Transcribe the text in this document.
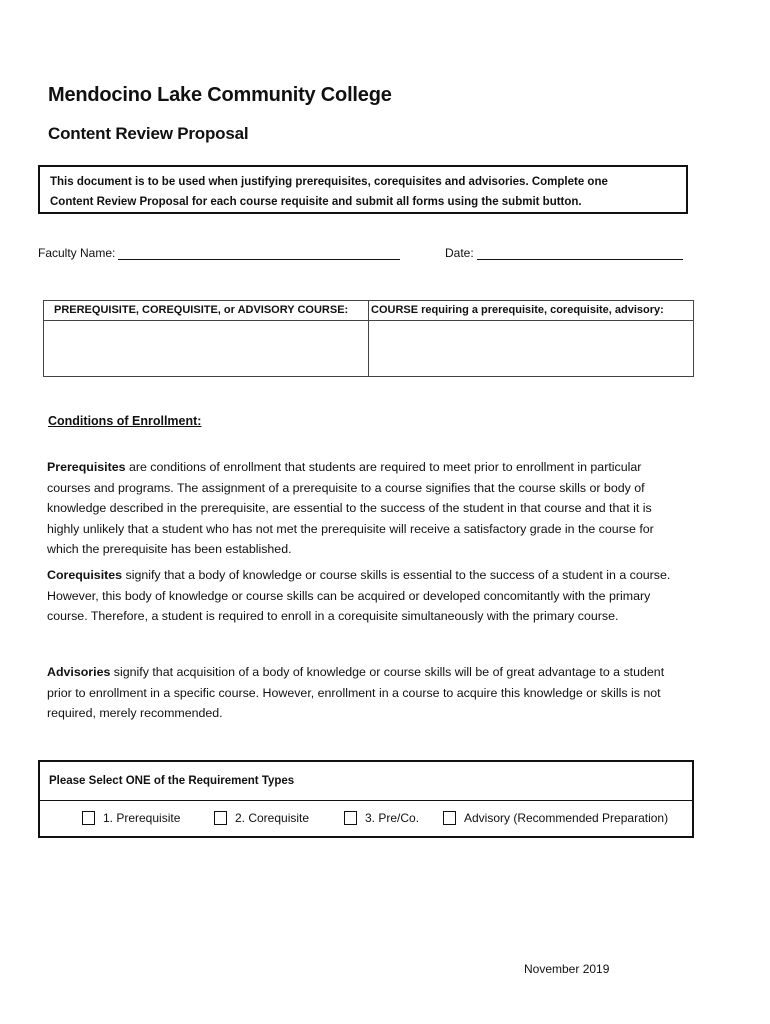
Mendocino Lake Community College
Content Review Proposal
This document is to be used when justifying prerequisites, corequisites and advisories. Complete one
Content Review Proposal for each course requisite and submit all forms using the submit button.
Faculty Name:	Date:
PREREQUISITE, COREQUISITE, or ADVISORY COURSE: COURSE requiring a prerequisite, corequisite, advisory:
Conditions of Enrollment:
Prerequisites are conditions of enrollment that students are required to meet prior to enrollment in particular courses and programs. The assignment of a prerequisite to a course signifies that the course skills or body of knowledge described in the prerequisite, are essential to the success of the student in that course and that it is highly unlikely that a student who has not met the prerequisite will receive a satisfactory grade in the course for which the prerequisite has been established.
Corequisites signify that a body of knowledge or course skills is essential to the success of a student in a course. However, this body of knowledge or course skills can be acquired or developed concomitantly with the primary course. Therefore, a student is required to enroll in a corequisite simultaneously with the primary course.
Advisories signify that acquisition of a body of knowledge or course skills will be of great advantage to a student prior to enrollment in a specific course. However, enrollment in a course to acquire this knowledge or skills is not required, merely recommended.
Please Select ONE of the Requirement Types
1. Prerequisite	2. Corequisite	3. Pre/Co.	Advisory (Recommended Preparation)
November 2019
